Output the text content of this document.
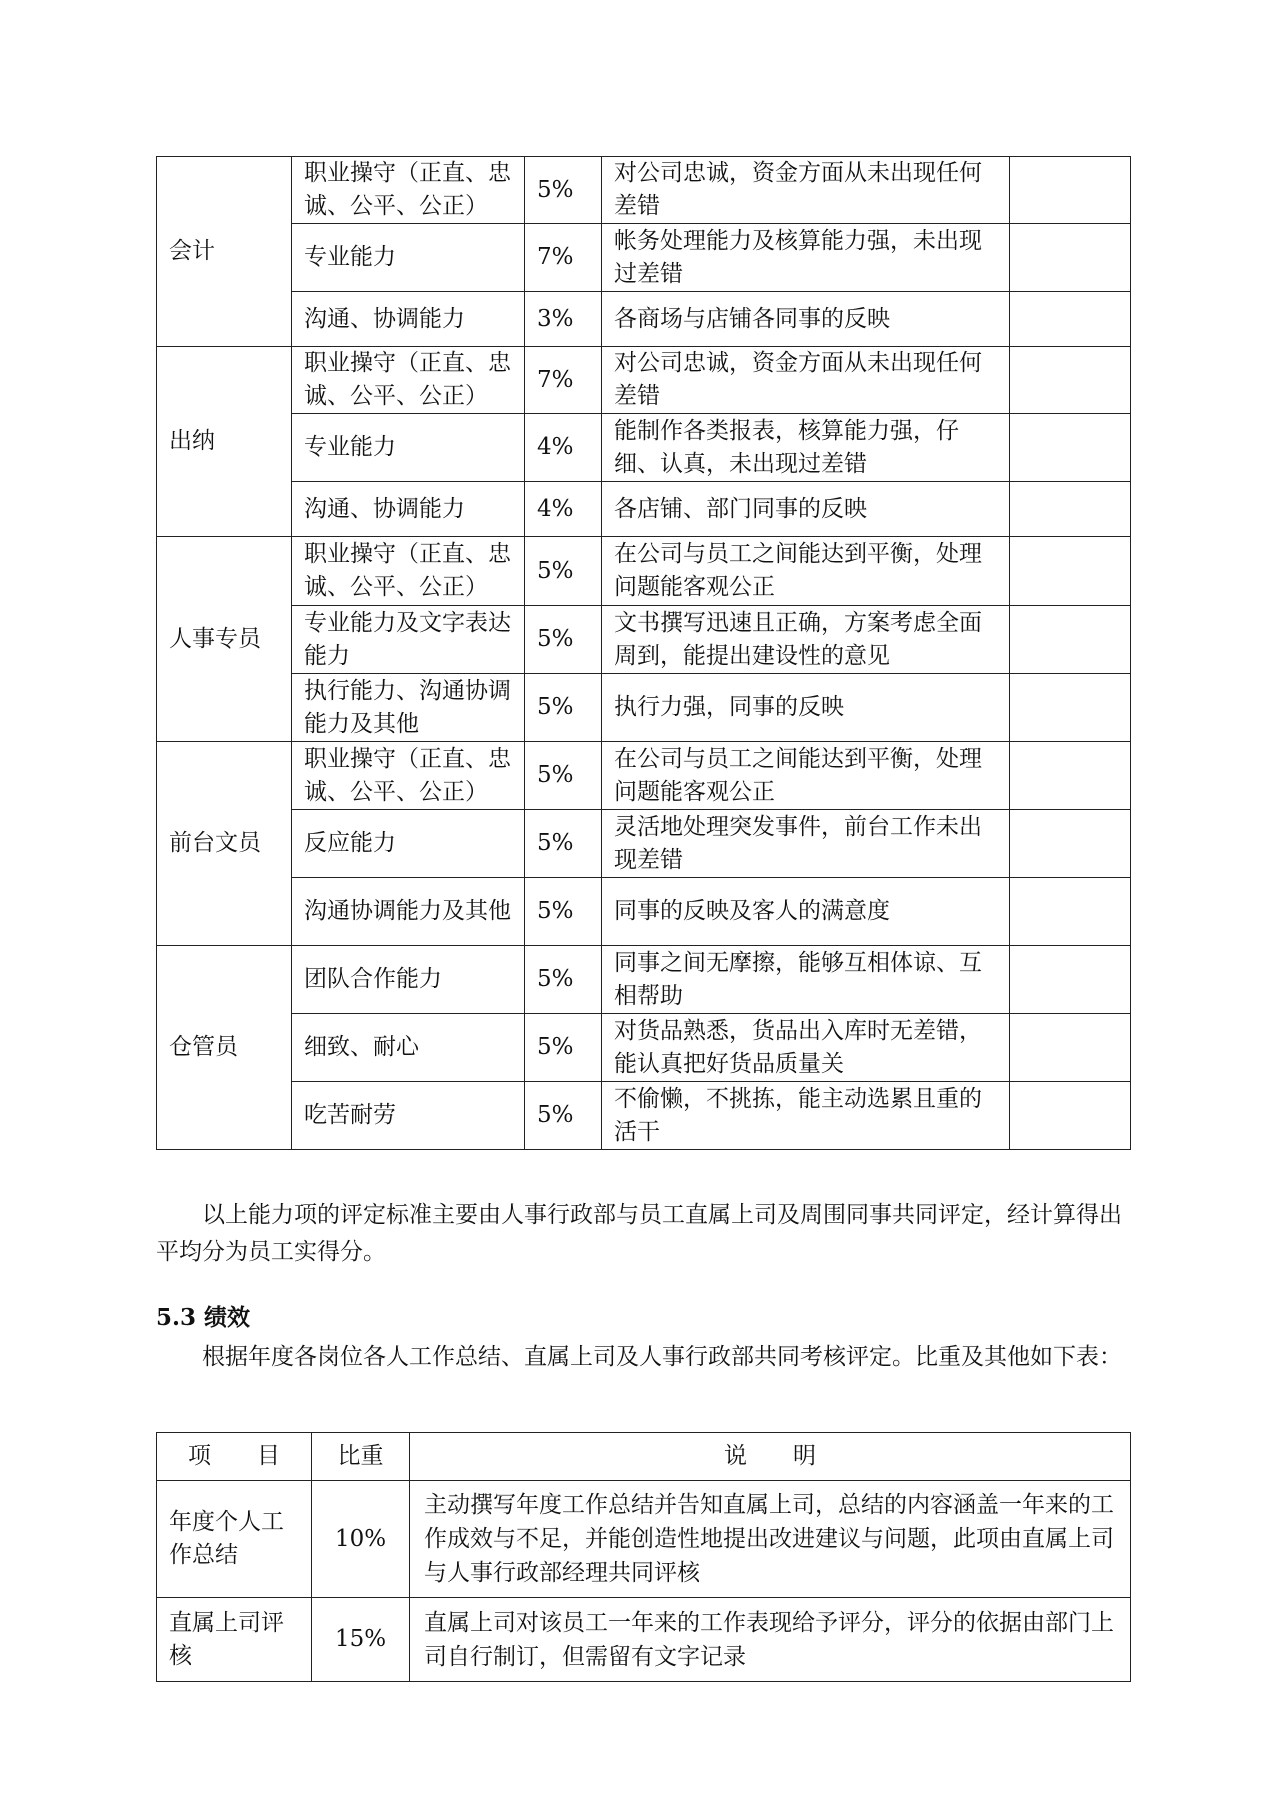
会计	职业操守（正直、忠诚、公平、公正）	5%	对公司忠诚，资金方面从未出现任何差错	
	专业能力	7%	帐务处理能力及核算能力强，未出现过差错	
	沟通、协调能力	3%	各商场与店铺各同事的反映	
出纳	职业操守（正直、忠诚、公平、公正）	7%	对公司忠诚，资金方面从未出现任何差错	
	专业能力	4%	能制作各类报表，核算能力强，仔细、认真，未出现过差错	
	沟通、协调能力	4%	各店铺、部门同事的反映	
人事专员	职业操守（正直、忠诚、公平、公正）	5%	在公司与员工之间能达到平衡，处理问题能客观公正	
	专业能力及文字表达能力	5%	文书撰写迅速且正确，方案考虑全面周到，能提出建设性的意见	
	执行能力、沟通协调能力及其他	5%	执行力强，同事的反映	
前台文员	职业操守（正直、忠诚、公平、公正）	5%	在公司与员工之间能达到平衡，处理问题能客观公正	
	反应能力	5%	灵活地处理突发事件，前台工作未出现差错	
	沟通协调能力及其他	5%	同事的反映及客人的满意度	
仓管员	团队合作能力	5%	同事之间无摩擦，能够互相体谅、互相帮助	
	细致、耐心	5%	对货品熟悉，货品出入库时无差错，能认真把好货品质量关	
	吃苦耐劳	5%	不偷懒，不挑拣，能主动选累且重的活干	

以上能力项的评定标准主要由人事行政部与员工直属上司及周围同事共同评定，经计算得出平均分为员工实得分。

5.3 绩效

根据年度各岗位各人工作总结、直属上司及人事行政部共同考核评定。比重及其他如下表：

项　　目	比重	说　　明
年度个人工作总结	10%	主动撰写年度工作总结并告知直属上司，总结的内容涵盖一年来的工作成效与不足，并能创造性地提出改进建议与问题，此项由直属上司与人事行政部经理共同评核
直属上司评核	15%	直属上司对该员工一年来的工作表现给予评分，评分的依据由部门上司自行制订，但需留有文字记录
